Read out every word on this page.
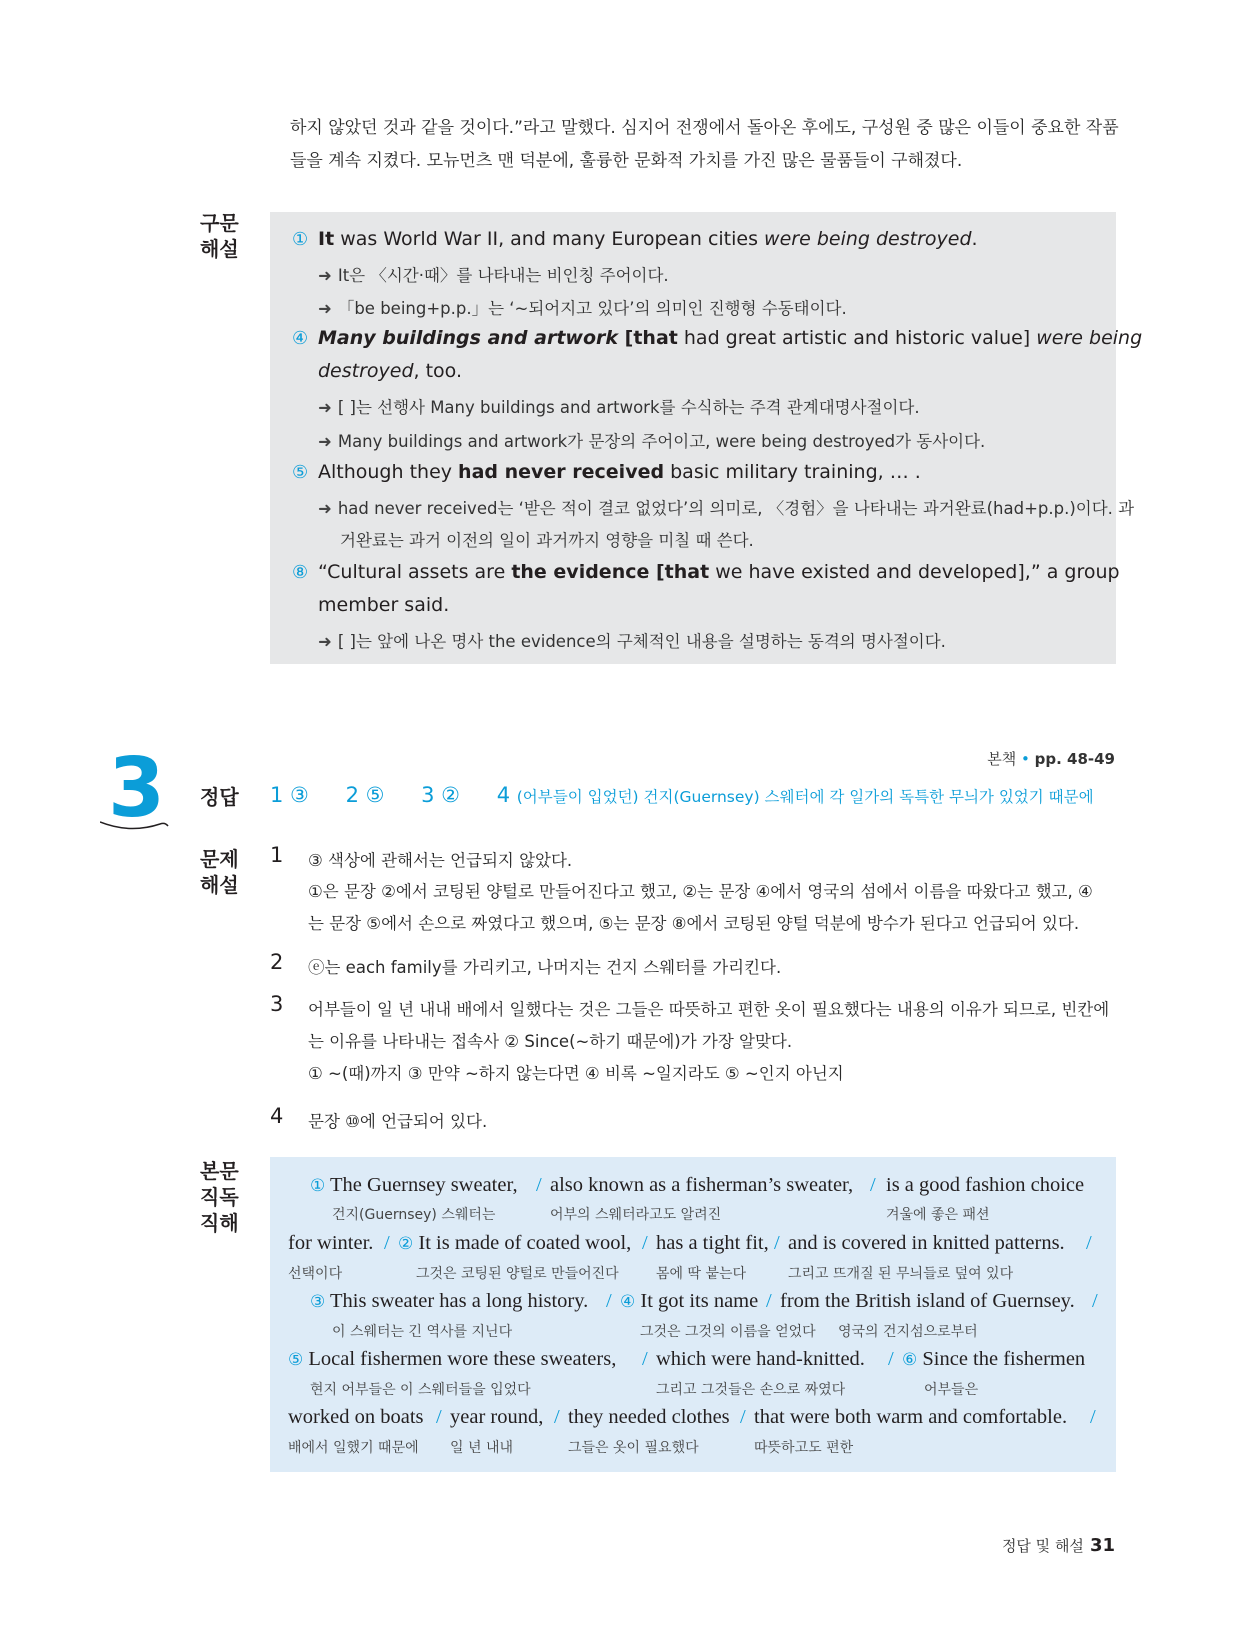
하지 않았던 것과 같을 것이다.”라고 말했다. 심지어 전쟁에서 돌아온 후에도, 구성원 중 많은 이들이 중요한 작품

들을 계속 지켰다. 모뉴먼츠 맨 덕분에, 훌륭한 문화적 가치를 가진 많은 물품들이 구해졌다.

구문
해설	① It was World War II, and many European cities were being destroyed.
➜ It은 〈시간·때〉를 나타내는 비인칭 주어이다.
➜ 「be being+p.p.」는 ‘~되어지고 있다’의 의미인 진행형 수동태이다.
④ Many buildings and artwork [that had great artistic and historic value] were being
destroyed, too.
➜ [ ]는 선행사 Many buildings and artwork를 수식하는 주격 관계대명사절이다.
➜ Many buildings and artwork가 문장의 주어이고, were being destroyed가 동사이다.
⑤ Although they had never received basic military training, … .
➜ had never received는 ‘받은 적이 결코 없었다’의 의미로, 〈경험〉을 나타내는 과거완료(had+p.p.)이다. 과
거완료는 과거 이전의 일이 과거까지 영향을 미칠 때 쓴다.
⑧ “Cultural assets are the evidence [that we have existed and developed],” a group
member said.
➜ [ ]는 앞에 나온 명사 the evidence의 구체적인 내용을 설명하는 동격의 명사절이다.
본책 • pp. 48-49
3 정답 1 ③ 2 ⑤ 3 ② 4 (어부들이 입었던) 건지(Guernsey) 스웨터에 각 일가의 독특한 무늬가 있었기 때문에
문제
해설
1 ③ 색상에 관해서는 언급되지 않았다.
①은 문장 ②에서 코팅된 양털로 만들어진다고 했고, ②는 문장 ④에서 영국의 섬에서 이름을 따왔다고 했고, ④
는 문장 ⑤에서 손으로 짜였다고 했으며, ⑤는 문장 ⑧에서 코팅된 양털 덕분에 방수가 된다고 언급되어 있다.
2 ⓔ는 each family를 가리키고, 나머지는 건지 스웨터를 가리킨다.
3 어부들이 일 년 내내 배에서 일했다는 것은 그들은 따뜻하고 편한 옷이 필요했다는 내용의 이유가 되므로, 빈칸에
는 이유를 나타내는 접속사 ② Since(~하기 때문에)가 가장 알맞다.
① ~(때)까지 ③ 만약 ~하지 않는다면 ④ 비록 ~일지라도 ⑤ ~인지 아닌지
4 문장 ⑩에 언급되어 있다.
본문
직독
직해
① The Guernsey sweater, / also known as a fisherman’s sweater, / is a good fashion choice
건지(Guernsey) 스웨터는	어부의 스웨터라고도 알려진	겨울에 좋은 패션
for winter. / ② It is made of coated wool, / has a tight fit, / and is covered in knitted patterns. /
선택이다	그것은 코팅된 양털로 만들어진다	몸에 딱 붙는다	그리고 뜨개질 된 무늬들로 덮여 있다
③ This sweater has a long history. / ④ It got its name / from the British island of Guernsey. /
이 스웨터는 긴 역사를 지닌다	그것은 그것의 이름을 얻었다 영국의 건지섬으로부터
⑤ Local fishermen wore these sweaters, / which were hand-knitted. / ⑥ Since the fishermen
현지 어부들은 이 스웨터들을 입었다	그리고 그것들은 손으로 짜였다	어부들은
worked on boats / year round, / they needed clothes / that were both warm and comfortable. /
배에서 일했기 때문에 일 년 내내	그들은 옷이 필요했다	따뜻하고도 편한
정답 및 해설 31
